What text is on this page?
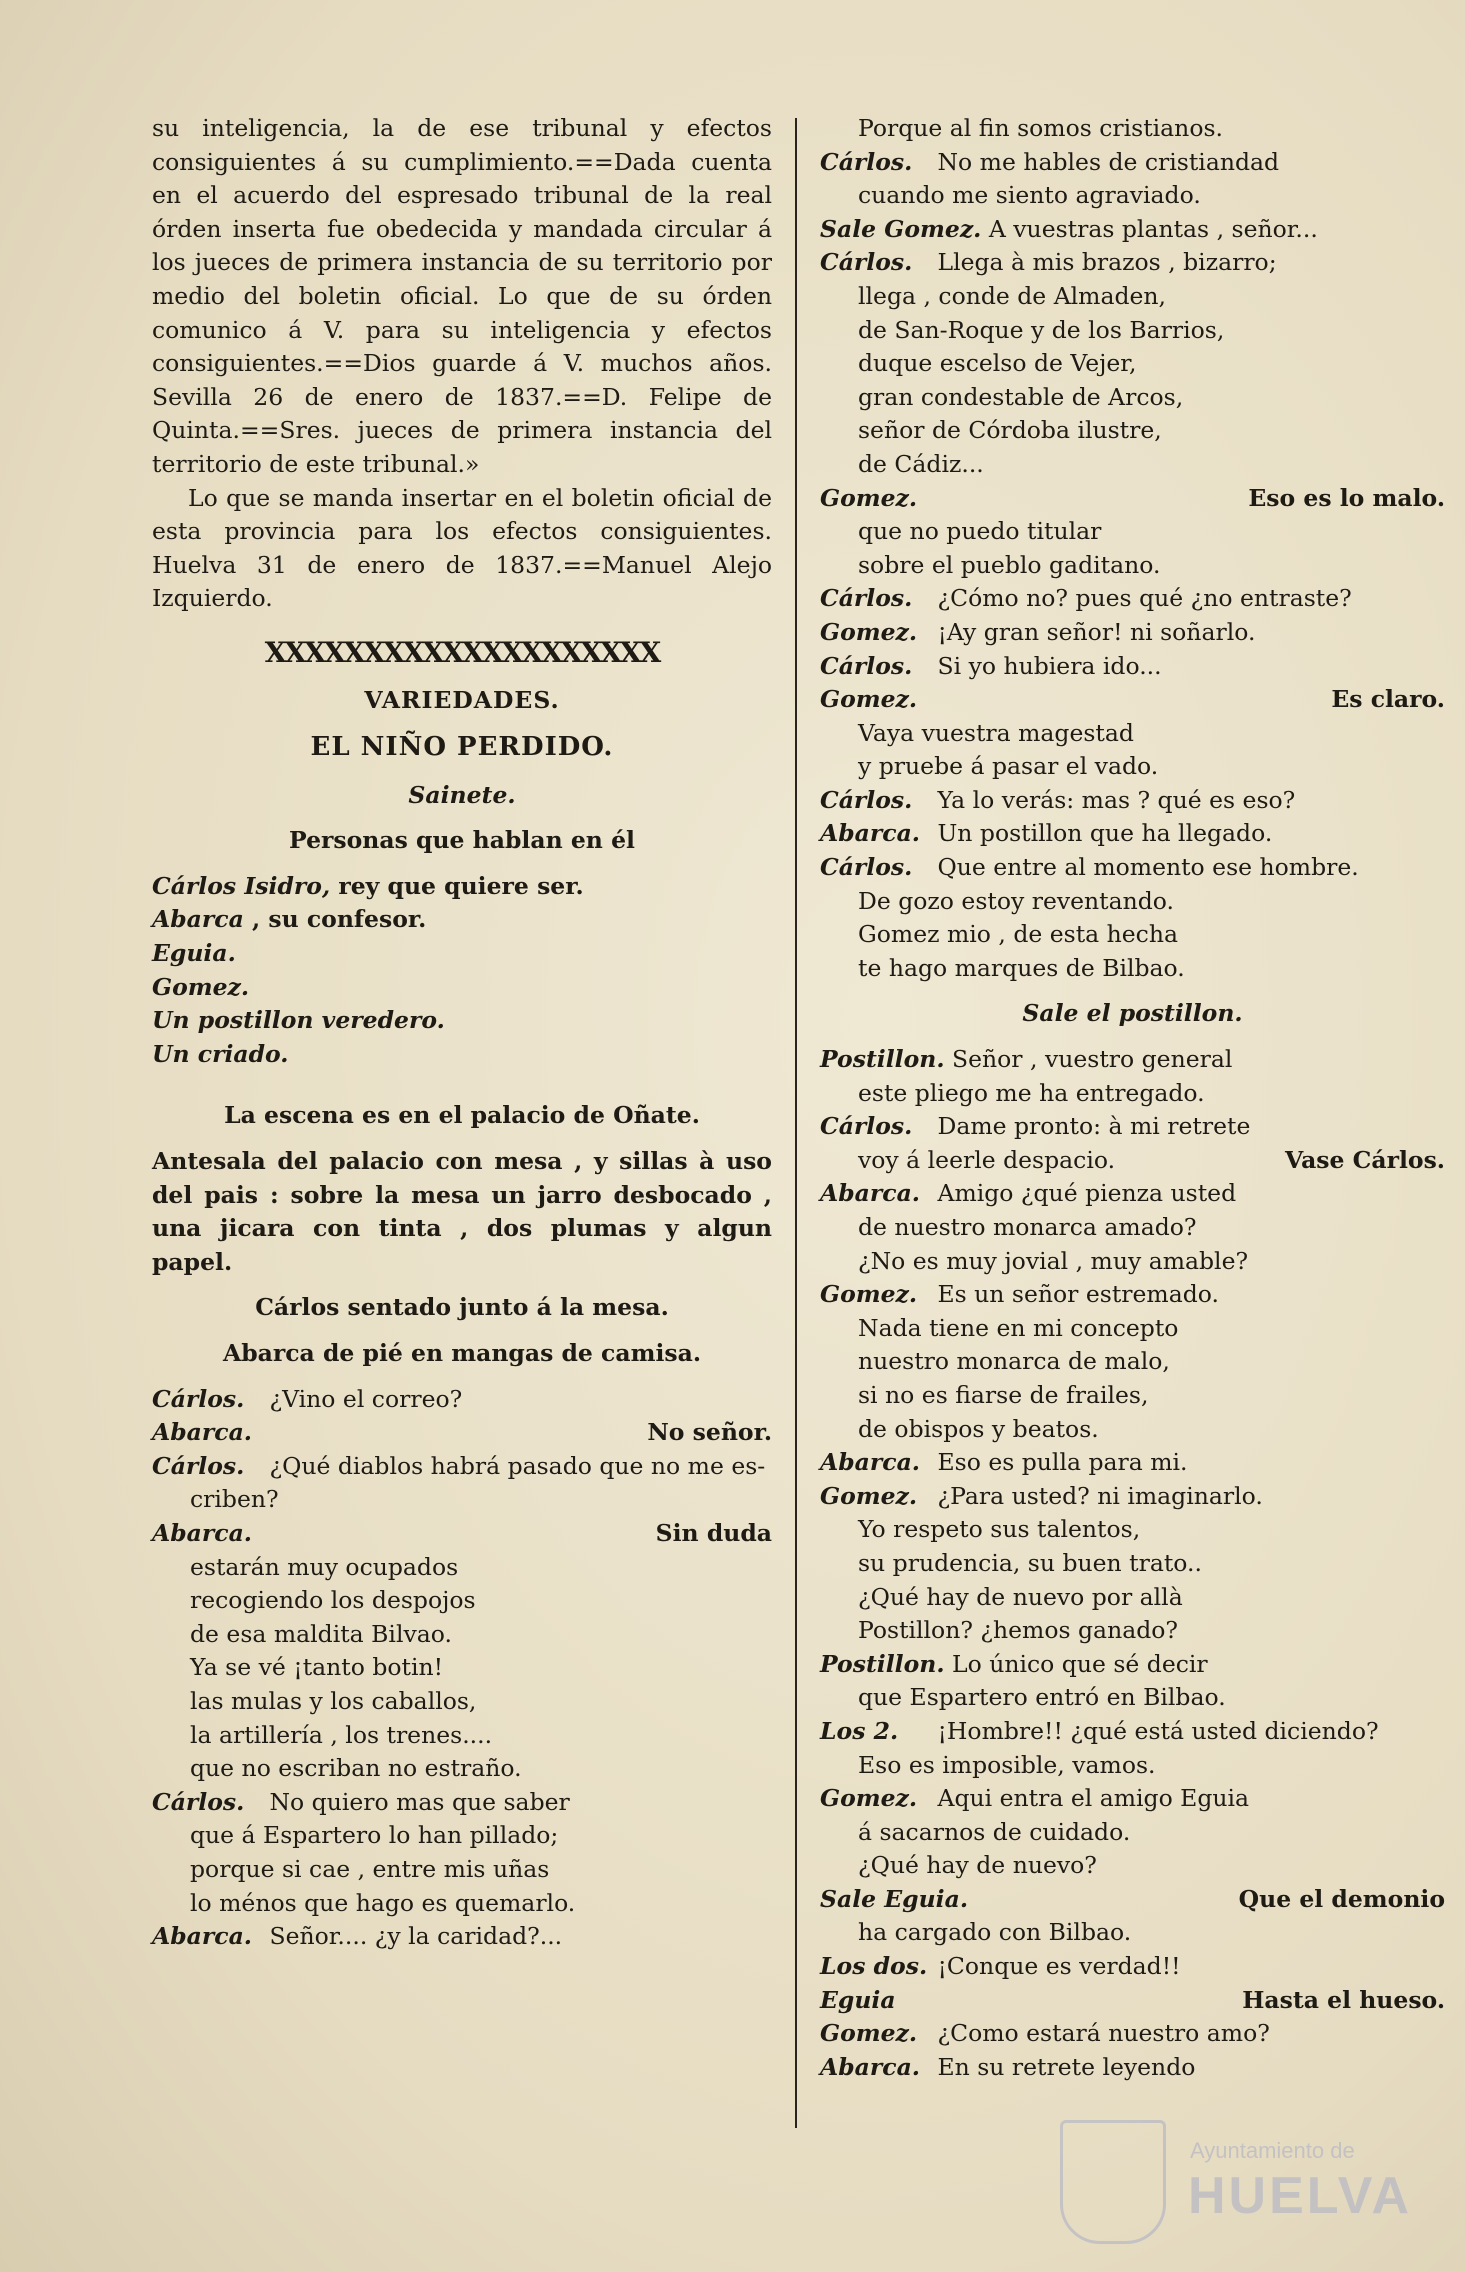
su inteligencia, la de ese tribunal y efectos consiguientes á su cumplimiento.==Dada cuenta en el acuerdo del espresado tribunal de la real órden inserta fue obedecida y mandada circular á los jueces de primera instancia de su territorio por medio del boletin oficial. Lo que de su órden comunico á V. para su inteligencia y efectos consiguientes.==Dios guarde á V. muchos años. Sevilla 26 de enero de 1837.==D. Felipe de Quinta.==Sres. jueces de primera instancia del territorio de este tribunal.»

Lo que se manda insertar en el boletin oficial de esta provincia para los efectos consiguientes. Huelva 31 de enero de 1837.==Manuel Alejo Izquierdo.

XXXXXXXXXXXXXXXXXXXX
VARIEDADES.
EL NIÑO PERDIDO.
Sainete.
Personas que hablan en él
Cárlos Isidro, rey que quiere ser.
Abarca , su confesor.
Eguia.
Gomez.
Un postillon veredero.
Un criado.
La escena es en el palacio de Oñate.

Antesala del palacio con mesa , y sillas à uso del pais : sobre la mesa un jarro desbocado , una jicara con tinta , dos plumas y algun papel.

Cárlos sentado junto á la mesa.
Abarca de pié en mangas de camisa.
Cárlos. ¿Vino el correo?
Abarca.	No señor.
Cárlos. ¿Qué diablos habrá pasado que no me es-
criben?
Abarca.	Sin duda
estarán muy ocupados
recogiendo los despojos
de esa maldita Bilvao.
Ya se vé ¡tanto botin!
las mulas y los caballos,
la artillería , los trenes....
que no escriban no estraño.
Cárlos. No quiero mas que saber
que á Espartero lo han pillado;
porque si cae , entre mis uñas
lo ménos que hago es quemarlo.
Abarca. Señor.... ¿y la caridad?...
Porque al fin somos cristianos.
Cárlos. No me hables de cristiandad
cuando me siento agraviado.
Sale Gomez. A vuestras plantas , señor...
Cárlos. Llega à mis brazos , bizarro;
llega , conde de Almaden,
de San-Roque y de los Barrios,
duque escelso de Vejer,
gran condestable de Arcos,
señor de Córdoba ilustre,
de Cádiz...
Gomez.	Eso es lo malo.
que no puedo titular
sobre el pueblo gaditano.
Cárlos. ¿Cómo no? pues qué ¿no entraste?
Gomez. ¡Ay gran señor! ni soñarlo.
Cárlos. Si yo hubiera ido...
Gomez.	Es claro.
Vaya vuestra magestad
y pruebe á pasar el vado.
Cárlos. Ya lo verás: mas ? qué es eso?
Abarca. Un postillon que ha llegado.
Cárlos. Que entre al momento ese hombre.
De gozo estoy reventando.
Gomez mio , de esta hecha
te hago marques de Bilbao.
Sale el postillon.
Postillon. Señor , vuestro general
este pliego me ha entregado.
Cárlos. Dame pronto: à mi retrete
voy á leerle despacio.	Vase Cárlos.
Abarca. Amigo ¿qué pienza usted
de nuestro monarca amado?
¿No es muy jovial , muy amable?
Gomez. Es un señor estremado.
Nada tiene en mi concepto
nuestro monarca de malo,
si no es fiarse de frailes,
de obispos y beatos.
Abarca. Eso es pulla para mi.
Gomez. ¿Para usted? ni imaginarlo.
Yo respeto sus talentos,
su prudencia, su buen trato..
¿Qué hay de nuevo por allà
Postillon? ¿hemos ganado?
Postillon. Lo único que sé decir
que Espartero entró en Bilbao.
Los 2. ¡Hombre!! ¿qué está usted diciendo?
Eso es imposible, vamos.
Gomez. Aqui entra el amigo Eguia
á sacarnos de cuidado.
¿Qué hay de nuevo?
Sale Eguia.	Que el demonio
ha cargado con Bilbao.
Los dos. ¡Conque es verdad!!
Eguia	Hasta el hueso.
Gomez. ¿Como estará nuestro amo?
Abarca. En su retrete leyendo
Ayuntamiento de
HUELVA
